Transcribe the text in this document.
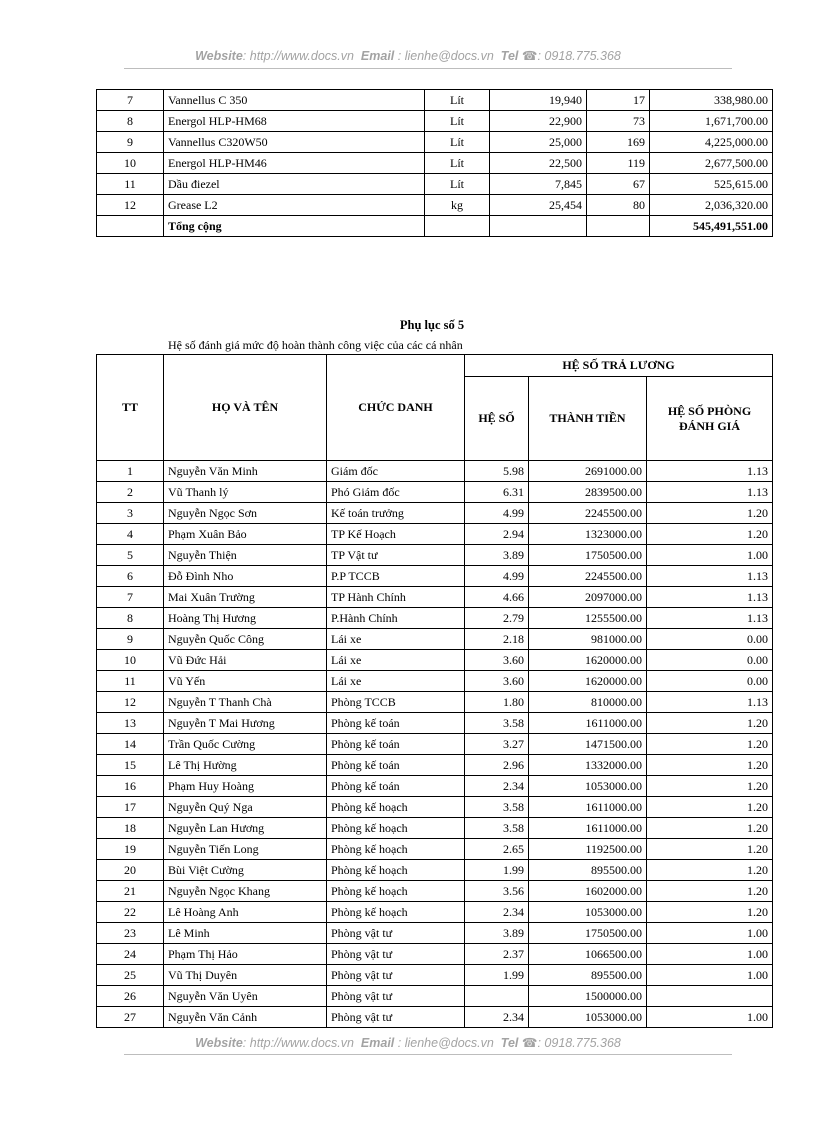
Website: http://www.docs.vn Email : lienhe@docs.vn Tel ☎: 0918.775.368
7	Vannellus C 350	Lít	19,940	17	338,980.00
8	Energol HLP-HM68	Lít	22,900	73	1,671,700.00
9	Vannellus C320W50	Lít	25,000	169	4,225,000.00
10	Energol HLP-HM46	Lít	22,500	119	2,677,500.00
11	Dầu điezel	Lít	7,845	67	525,615.00
12	Grease L2	kg	25,454	80	2,036,320.00
	Tổng cộng				545,491,551.00
Phụ lục số 5
Hệ số đánh giá mức độ hoàn thành công việc của các cá nhân
TT	HỌ VÀ TÊN	CHỨC DANH	HỆ SỐ TRẢ LƯƠNG		
			HỆ SỐ	THÀNH TIỀN	HỆ SỐ PHÒNG ĐÁNH GIÁ
1	Nguyễn Văn Minh	Giám đốc	5.98	2691000.00	1.13
2	Vũ Thanh lý	Phó Giám đốc	6.31	2839500.00	1.13
3	Nguyễn Ngọc Sơn	Kế toán trưởng	4.99	2245500.00	1.20
4	Phạm Xuân Bảo	TP Kế Hoạch	2.94	1323000.00	1.20
5	Nguyễn Thiện	TP Vật tư	3.89	1750500.00	1.00
6	Đỗ Đình Nho	P.P TCCB	4.99	2245500.00	1.13
7	Mai Xuân Trường	TP Hành Chính	4.66	2097000.00	1.13
8	Hoàng Thị Hương	P.Hành Chính	2.79	1255500.00	1.13
9	Nguyễn Quốc Công	Lái xe	2.18	981000.00	0.00
10	Vũ Đức Hải	Lái xe	3.60	1620000.00	0.00
11	Vũ Yến	Lái xe	3.60	1620000.00	0.00
12	Nguyễn T Thanh Chà	Phòng TCCB	1.80	810000.00	1.13
13	Nguyễn T Mai Hương	Phòng kế toán	3.58	1611000.00	1.20
14	Trần Quốc Cường	Phòng kế toán	3.27	1471500.00	1.20
15	Lê Thị Hường	Phòng kế toán	2.96	1332000.00	1.20
16	Phạm Huy Hoàng	Phòng kế toán	2.34	1053000.00	1.20
17	Nguyễn Quý Nga	Phòng kế hoạch	3.58	1611000.00	1.20
18	Nguyễn Lan Hương	Phòng kế hoạch	3.58	1611000.00	1.20
19	Nguyễn Tiến Long	Phòng kế hoạch	2.65	1192500.00	1.20
20	Bùi Việt Cường	Phòng kế hoạch	1.99	895500.00	1.20
21	Nguyễn Ngọc Khang	Phòng kế hoạch	3.56	1602000.00	1.20
22	Lê Hoàng Anh	Phòng kế hoạch	2.34	1053000.00	1.20
23	Lê Minh	Phòng vật tư	3.89	1750500.00	1.00
24	Phạm Thị Hảo	Phòng vật tư	2.37	1066500.00	1.00
25	Vũ Thị Duyên	Phòng vật tư	1.99	895500.00	1.00
26	Nguyễn Văn Uyên	Phòng vật tư		1500000.00	
27	Nguyễn Văn Cảnh	Phòng vật tư	2.34	1053000.00	1.00
Website: http://www.docs.vn Email : lienhe@docs.vn Tel ☎: 0918.775.368
